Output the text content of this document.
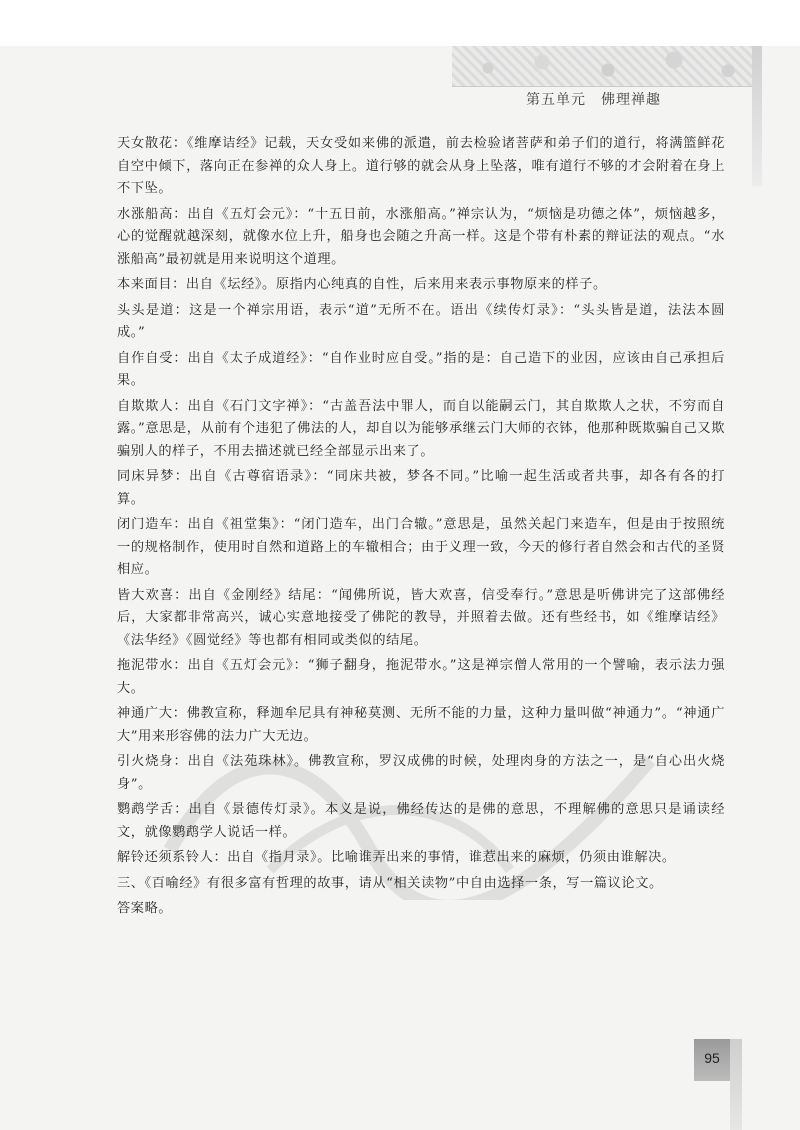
第五单元　佛理禅趣

天女散花：《维摩诘经》记载，天女受如来佛的派遣，前去检验诸菩萨和弟子们的道行，将满篮鲜花自空中倾下，落向正在参禅的众人身上。道行够的就会从身上坠落，唯有道行不够的才会附着在身上不下坠。

水涨船高：出自《五灯会元》：“十五日前，水涨船高。”禅宗认为，“烦恼是功德之体”，烦恼越多，心的觉醒就越深刻，就像水位上升，船身也会随之升高一样。这是个带有朴素的辩证法的观点。“水涨船高”最初就是用来说明这个道理。

本来面目：出自《坛经》。原指内心纯真的自性，后来用来表示事物原来的样子。

头头是道：这是一个禅宗用语，表示“道”无所不在。语出《续传灯录》：“头头皆是道，法法本圆成。”

自作自受：出自《太子成道经》：“自作业时应自受。”指的是：自己造下的业因，应该由自己承担后果。

自欺欺人：出自《石门文字禅》：“古盖吾法中罪人，而自以能嗣云门，其自欺欺人之状，不穷而自露。”意思是，从前有个违犯了佛法的人，却自以为能够承继云门大师的衣钵，他那种既欺骗自己又欺骗别人的样子，不用去描述就已经全部显示出来了。

同床异梦：出自《古尊宿语录》：“同床共被，梦各不同。”比喻一起生活或者共事，却各有各的打算。

闭门造车：出自《祖堂集》：“闭门造车，出门合辙。”意思是，虽然关起门来造车，但是由于按照统一的规格制作，使用时自然和道路上的车辙相合；由于义理一致，今天的修行者自然会和古代的圣贤相应。

皆大欢喜：出自《金刚经》结尾：“闻佛所说，皆大欢喜，信受奉行。”意思是听佛讲完了这部佛经后，大家都非常高兴，诚心实意地接受了佛陀的教导，并照着去做。还有些经书，如《维摩诘经》《法华经》《圆觉经》等也都有相同或类似的结尾。

拖泥带水：出自《五灯会元》：“狮子翻身，拖泥带水。”这是禅宗僧人常用的一个譬喻，表示法力强大。

神通广大：佛教宣称，释迦牟尼具有神秘莫测、无所不能的力量，这种力量叫做“神通力”。“神通广大”用来形容佛的法力广大无边。

引火烧身：出自《法苑珠林》。佛教宣称，罗汉成佛的时候，处理肉身的方法之一，是“自心出火烧身”。

鹦鹉学舌：出自《景德传灯录》。本义是说，佛经传达的是佛的意思，不理解佛的意思只是诵读经文，就像鹦鹉学人说话一样。

解铃还须系铃人：出自《指月录》。比喻谁弄出来的事情，谁惹出来的麻烦，仍须由谁解决。

三、《百喻经》有很多富有哲理的故事，请从“相关读物”中自由选择一条，写一篇议论文。

答案略。

95
